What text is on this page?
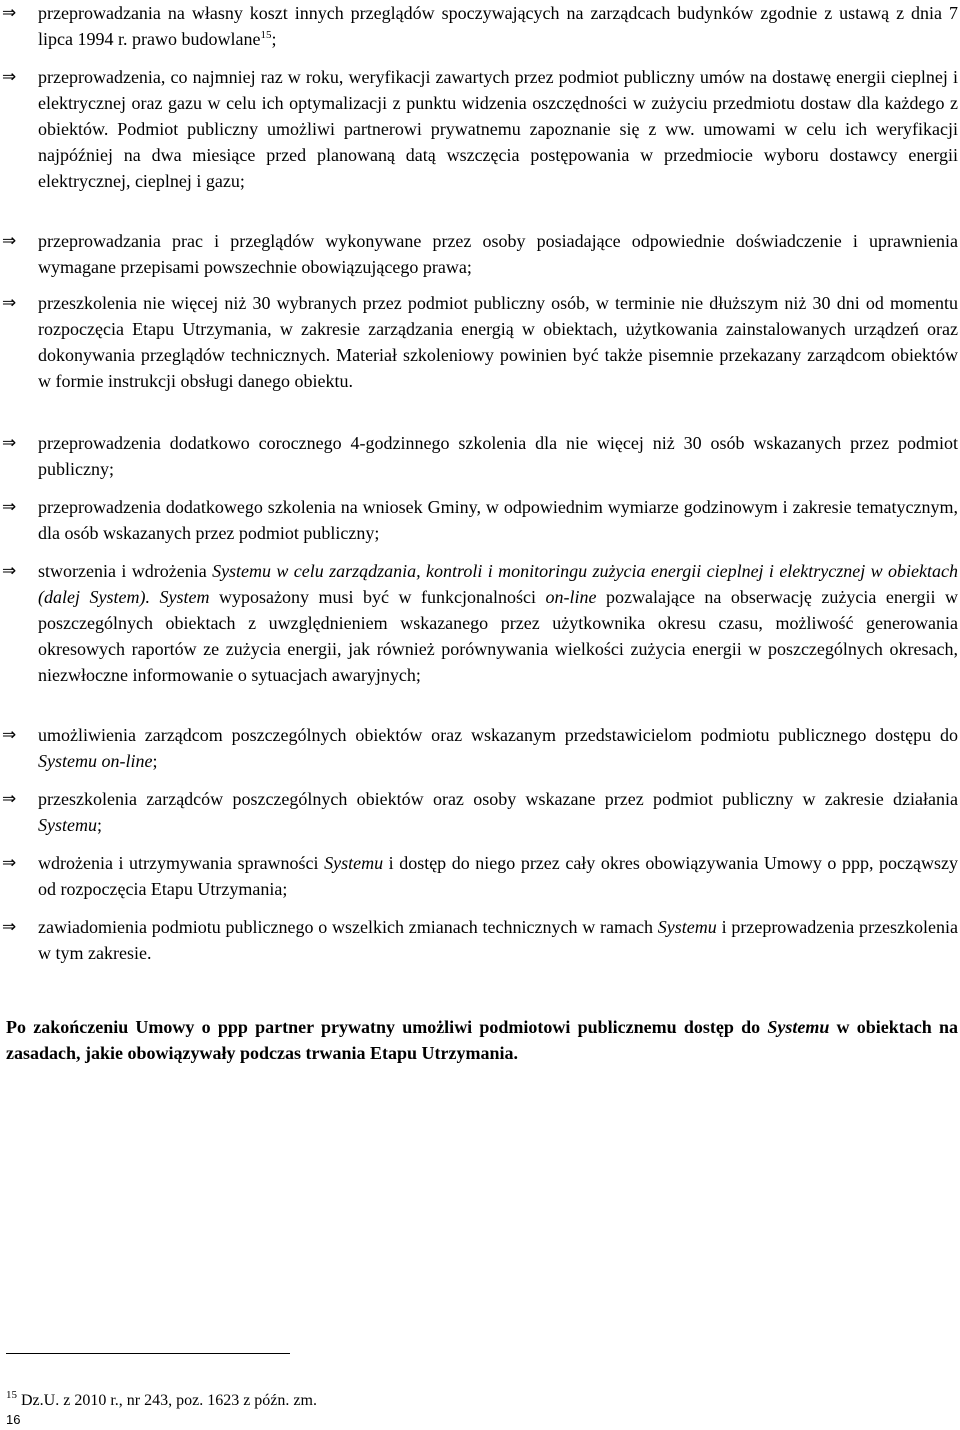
⇒	przeprowadzania na własny koszt innych przeglądów spoczywających na zarządcach budynków zgodnie z ustawą z dnia 7 lipca 1994 r. prawo budowlane$^{15}$;
⇒	przeprowadzenia, co najmniej raz w roku, weryfikacji zawartych przez podmiot publiczny umów na dostawę energii cieplnej i elektrycznej oraz gazu w celu ich optymalizacji z punktu widzenia oszczędności w zużyciu przedmiotu dostaw dla każdego z obiektów. Podmiot publiczny umożliwi partnerowi prywatnemu zapoznanie się z ww. umowami w celu ich weryfikacji najpóźniej na dwa miesiące przed planowaną datą wszczęcia postępowania w przedmiocie wyboru dostawcy energii elektrycznej, cieplnej i gazu;
⇒	przeprowadzania prac i przeglądów wykonywane przez osoby posiadające odpowiednie doświadczenie i uprawnienia wymagane przepisami powszechnie obowiązującego prawa;
⇒	przeszkolenia nie więcej niż 30 wybranych przez podmiot publiczny osób, w terminie nie dłuższym niż 30 dni od momentu rozpoczęcia Etapu Utrzymania, w zakresie zarządzania energią w obiektach, użytkowania zainstalowanych urządzeń oraz dokonywania przeglądów technicznych. Materiał szkoleniowy powinien być także pisemnie przekazany zarządcom obiektów w formie instrukcji obsługi danego obiektu.
⇒	przeprowadzenia dodatkowo corocznego 4-godzinnego szkolenia dla nie więcej niż 30 osób wskazanych przez podmiot publiczny;
⇒	przeprowadzenia dodatkowego szkolenia na wniosek Gminy, w odpowiednim wymiarze godzinowym i zakresie tematycznym, dla osób wskazanych przez podmiot publiczny;
⇒	stworzenia i wdrożenia Systemu w celu zarządzania, kontroli i monitoringu zużycia energii cieplnej i elektrycznej w obiektach (dalej System). System wyposażony musi być w funkcjonalności on-line pozwalające na obserwację zużycia energii w poszczególnych obiektach z uwzględnieniem wskazanego przez użytkownika okresu czasu, możliwość generowania okresowych raportów ze zużycia energii, jak również porównywania wielkości zużycia energii w poszczególnych okresach, niezwłoczne informowanie o sytuacjach awaryjnych;
⇒	umożliwienia zarządcom poszczególnych obiektów oraz wskazanym przedstawicielom podmiotu publicznego dostępu do Systemu on-line;
⇒	przeszkolenia zarządców poszczególnych obiektów oraz osoby wskazane przez podmiot publiczny w zakresie działania Systemu;
⇒	wdrożenia i utrzymywania sprawności Systemu i dostęp do niego przez cały okres obowiązywania Umowy o ppp, począwszy od rozpoczęcia Etapu Utrzymania;
⇒	zawiadomienia podmiotu publicznego o wszelkich zmianach technicznych w ramach Systemu i przeprowadzenia przeszkolenia w tym zakresie.
Po zakończeniu Umowy o ppp partner prywatny umożliwi podmiotowi publicznemu dostęp do Systemu w obiektach na zasadach, jakie obowiązywały podczas trwania Etapu Utrzymania.
$^{15}$ Dz.U. z 2010 r., nr 243, poz. 1623 z późn. zm.
16
